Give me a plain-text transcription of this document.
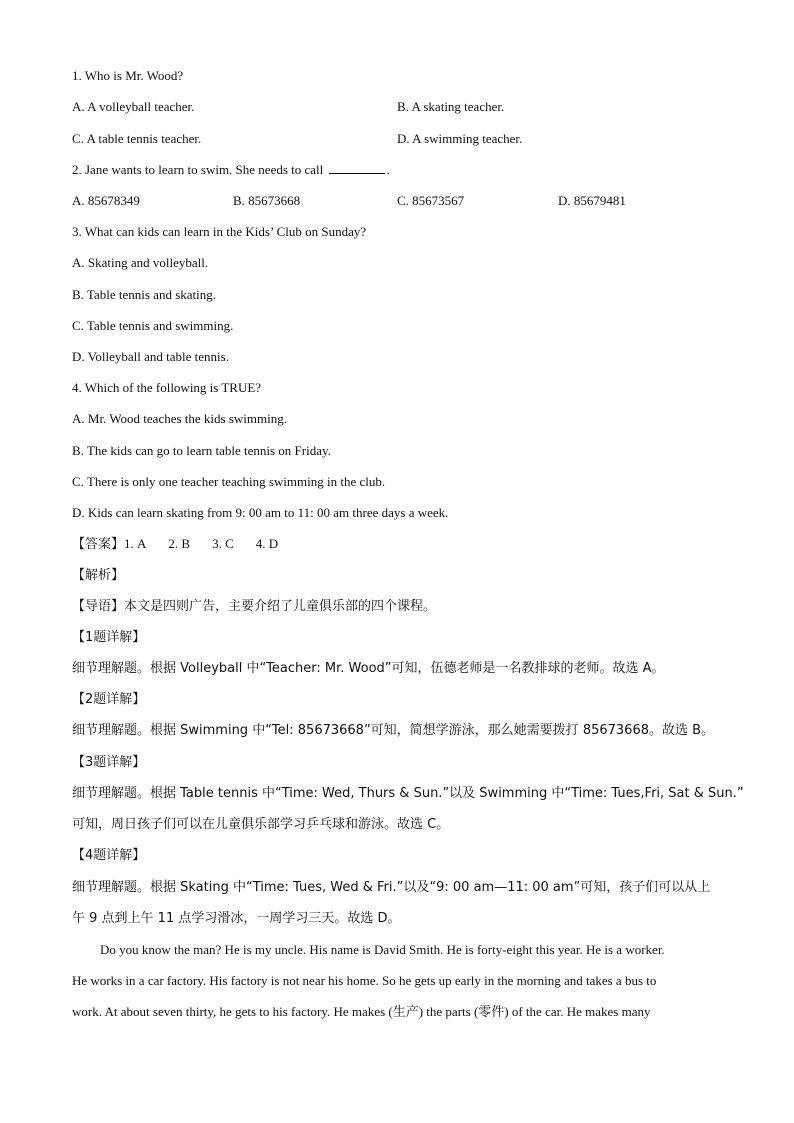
1. Who is Mr. Wood?
A. A volleyball teacher.	B. A skating teacher.
C. A table tennis teacher.	D. A swimming teacher.
2. Jane wants to learn to swim. She needs to call	.
A. 85678349	B. 85673668	C. 85673567	D. 85679481
3. What can kids can learn in the Kids’ Club on Sunday?
A. Skating and volleyball.
B. Table tennis and skating.
C. Table tennis and swimming.
D. Volleyball and table tennis.
4. Which of the following is TRUE?
A. Mr. Wood teaches the kids swimming.
B. The kids can go to learn table tennis on Friday.
C. There is only one teacher teaching swimming in the club.
D. Kids can learn skating from 9: 00 am to 11: 00 am three days a week.
【答案】1. A 2. B 3. C 4. D
【解析】
【导语】本文是四则广告，主要介绍了儿童俱乐部的四个课程。
【1题详解】
细节理解题。根据 Volleyball 中“Teacher: Mr. Wood”可知，伍德老师是一名教排球的老师。故选 A。
【2题详解】
细节理解题。根据 Swimming 中“Tel: 85673668”可知，简想学游泳，那么她需要拨打 85673668。故选 B。
【3题详解】
细节理解题。根据 Table tennis 中“Time: Wed, Thurs & Sun.”以及 Swimming 中“Time: Tues,Fri, Sat & Sun.”
可知，周日孩子们可以在儿童俱乐部学习乒乓球和游泳。故选 C。
【4题详解】
细节理解题。根据 Skating 中“Time: Tues, Wed & Fri.”以及“9: 00 am—11: 00 am”可知，孩子们可以从上
午 9 点到上午 11 点学习滑冰，一周学习三天。故选 D。
Do you know the man? He is my uncle. His name is David Smith. He is forty-eight this year. He is a worker.
He works in a car factory. His factory is not near his home. So he gets up early in the morning and takes a bus to
work. At about seven thirty, he gets to his factory. He makes (生产) the parts (零件) of the car. He makes many
